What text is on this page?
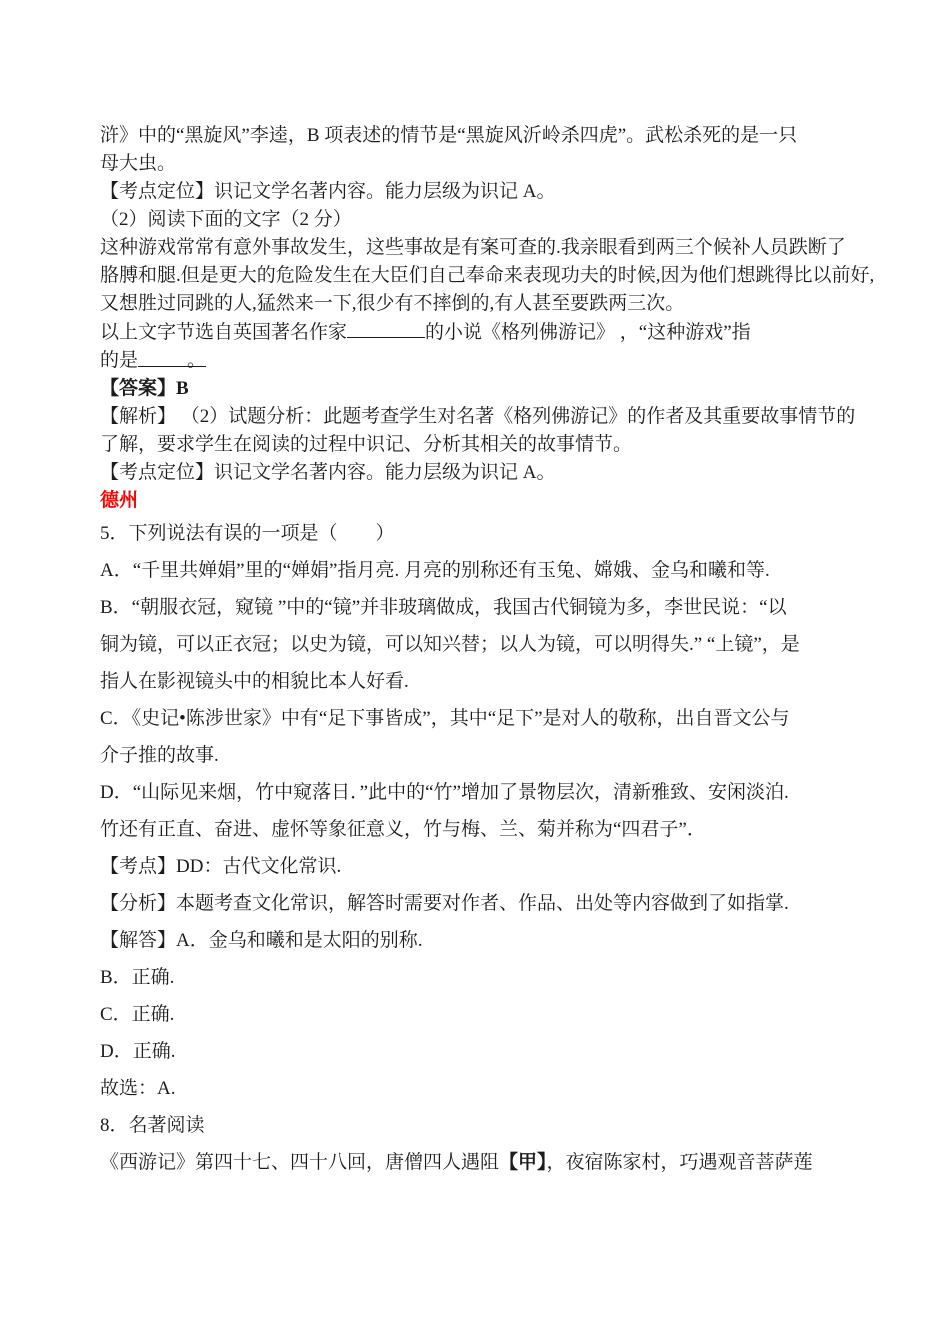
浒》中的“黑旋风”李逵，B 项表述的情节是“黑旋风沂岭杀四虎”。武松杀死的是一只

母大虫。

【考点定位】识记文学名著内容。能力层级为识记 A。

（2）阅读下面的文字（2 分）

这种游戏常常有意外事故发生，这些事故是有案可查的.我亲眼看到两三个候补人员跌断了

胳膊和腿.但是更大的危险发生在大臣们自己奉命来表现功夫的时候,因为他们想跳得比以前好,

又想胜过同跳的人,猛然来一下,很少有不摔倒的,有人甚至要跌两三次。

以上文字节选自英国著名作家	的小说《格列佛游记》 ，“这种游戏”指

的是	。

【答案】B

【解析】 （2）试题分析：此题考查学生对名著《格列佛游记》的作者及其重要故事情节的

了解，要求学生在阅读的过程中识记、分析其相关的故事情节。

【考点定位】识记文学名著内容。能力层级为识记 A。

德州

5．下列说法有误的一项是（　　）

A．“千里共婵娟”里的“婵娟”指月亮. 月亮的别称还有玉兔、嫦娥、金乌和曦和等.

B．“朝服衣冠，窥镜 ”中的“镜”并非玻璃做成，我国古代铜镜为多，李世民说：“以

铜为镜，可以正衣冠；以史为镜，可以知兴替；以人为镜，可以明得失.” “上镜”，是

指人在影视镜头中的相貌比本人好看.

C．《史记•陈涉世家》中有“足下事皆成”，其中“足下”是对人的敬称，出自晋文公与

介子推的故事.

D．“山际见来烟，竹中窥落日．”此中的“竹”增加了景物层次，清新雅致、安闲淡泊.

竹还有正直、奋进、虚怀等象征意义，竹与梅、兰、菊并称为“四君子”．

【考点】DD：古代文化常识.

【分析】本题考查文化常识，解答时需要对作者、作品、出处等内容做到了如指掌.

【解答】A．金乌和曦和是太阳的别称.

B．正确.

C．正确.

D．正确.

故选：A.

8．名著阅读

《西游记》第四十七、四十八回，唐僧四人遇阻【甲】，夜宿陈家村，巧遇观音菩萨莲
